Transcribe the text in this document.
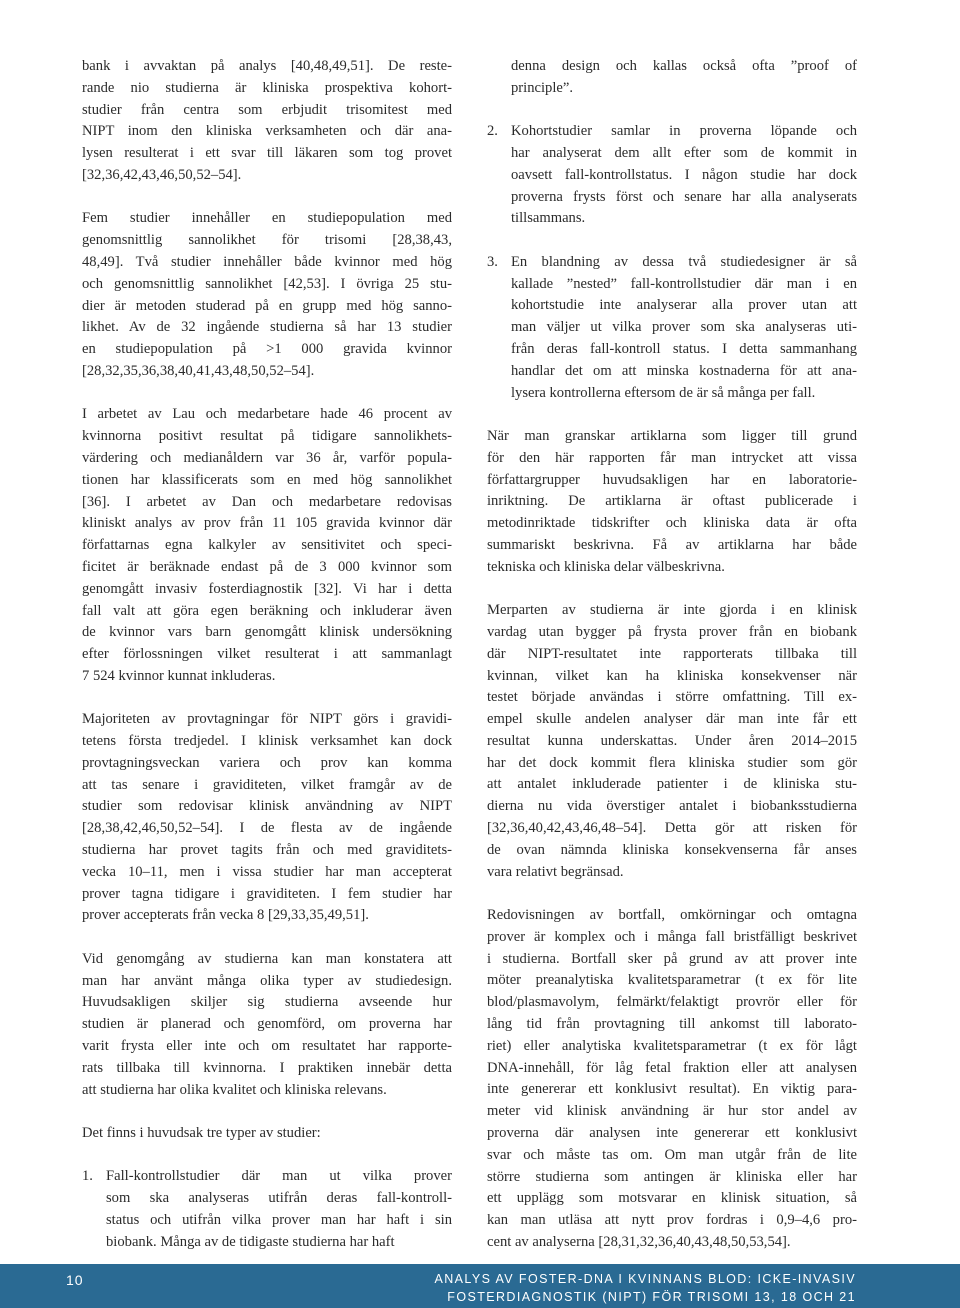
bank i avvaktan på analys [40,48,49,51]. De reste-
rande nio studierna är kliniska prospektiva kohort-
studier från centra som erbjudit trisomitest med
NIPT inom den kliniska verksamheten och där ana-
lysen resulterat i ett svar till läkaren som tog provet
[32,36,42,43,46,50,52–54].
Fem studier innehåller en studiepopulation med
genomsnittlig sannolikhet för trisomi [28,38,43,
48,49]. Två studier innehåller både kvinnor med hög
och genomsnittlig sannolikhet [42,53]. I övriga 25 stu-
dier är metoden studerad på en grupp med hög sanno-
likhet. Av de 32 ingående studierna så har 13 studier
en studiepopulation på >1 000 gravida kvinnor
[28,32,35,36,38,40,41,43,48,50,52–54].
I arbetet av Lau och medarbetare hade 46 procent av
kvinnorna positivt resultat på tidigare sannolikhets-
värdering och medianåldern var 36 år, varför popula-
tionen har klassificerats som en med hög sannolikhet
[36]. I arbetet av Dan och medarbetare redovisas
kliniskt analys av prov från 11 105 gravida kvinnor där
författarnas egna kalkyler av sensitivitet och speci-
ficitet är beräknade endast på de 3 000 kvinnor som
genomgått invasiv fosterdiagnostik [32]. Vi har i detta
fall valt att göra egen beräkning och inkluderar även
de kvinnor vars barn genomgått klinisk undersökning
efter förlossningen vilket resulterat i att sammanlagt
7 524 kvinnor kunnat inkluderas.
Majoriteten av provtagningar för NIPT görs i gravidi-
tetens första tredjedel. I klinisk verksamhet kan dock
provtagningsveckan variera och prov kan komma
att tas senare i graviditeten, vilket framgår av de
studier som redovisar klinisk användning av NIPT
[28,38,42,46,50,52–54]. I de flesta av de ingående
studierna har provet tagits från och med graviditets-
vecka 10–11, men i vissa studier har man accepterat
prover tagna tidigare i graviditeten. I fem studier har
prover accepterats från vecka 8 [29,33,35,49,51].
Vid genomgång av studierna kan man konstatera att
man har använt många olika typer av studiedesign.
Huvudsakligen skiljer sig studierna avseende hur
studien är planerad och genomförd, om proverna har
varit frysta eller inte och om resultatet har rapporte-
rats tillbaka till kvinnorna. I praktiken innebär detta
att studierna har olika kvalitet och kliniska relevans.
Det finns i huvudsak tre typer av studier:
1. Fall-kontrollstudier där man ut vilka prover
som ska analyseras utifrån deras fall-kontroll-
status och utifrån vilka prover man har haft i sin
biobank. Många av de tidigaste studierna har haft
denna design och kallas också ofta ”proof of
principle”.
2. Kohortstudier samlar in proverna löpande och
har analyserat dem allt efter som de kommit in
oavsett fall-kontrollstatus. I någon studie har dock
proverna frysts först och senare har alla analyserats
tillsammans.
3. En blandning av dessa två studiedesigner är så
kallade ”nested” fall-kontrollstudier där man i en
kohortstudie inte analyserar alla prover utan att
man väljer ut vilka prover som ska analyseras uti-
från deras fall-kontroll status. I detta sammanhang
handlar det om att minska kostnaderna för att ana-
lysera kontrollerna eftersom de är så många per fall.
När man granskar artiklarna som ligger till grund
för den här rapporten får man intrycket att vissa
författargrupper huvudsakligen har en laboratorie-
inriktning. De artiklarna är oftast publicerade i
metodinriktade tidskrifter och kliniska data är ofta
summariskt beskrivna. Få av artiklarna har både
tekniska och kliniska delar välbeskrivna.
Merparten av studierna är inte gjorda i en klinisk
vardag utan bygger på frysta prover från en biobank
där NIPT-resultatet inte rapporterats tillbaka till
kvinnan, vilket kan ha kliniska konsekvenser när
testet började användas i större omfattning. Till ex-
empel skulle andelen analyser där man inte får ett
resultat kunna underskattas. Under åren 2014–2015
har det dock kommit flera kliniska studier som gör
att antalet inkluderade patienter i de kliniska stu-
dierna nu vida överstiger antalet i biobanksstudierna
[32,36,40,42,43,46,48–54]. Detta gör att risken för
de ovan nämnda kliniska konsekvenserna får anses
vara relativt begränsad.
Redovisningen av bortfall, omkörningar och omtagna
prover är komplex och i många fall bristfälligt beskrivet
i studierna. Bortfall sker på grund av att prover inte
möter preanalytiska kvalitetsparametrar (t ex för lite
blod/plasmavolym, felmärkt/felaktigt provrör eller för
lång tid från provtagning till ankomst till laborato-
riet) eller analytiska kvalitetsparametrar (t ex för lågt
DNA-innehåll, för låg fetal fraktion eller att analysen
inte genererar ett konklusivt resultat). En viktig para-
meter vid klinisk användning är hur stor andel av
proverna där analysen inte genererar ett konklusivt
svar och måste tas om. Om man utgår från de lite
större studierna som antingen är kliniska eller har
ett upplägg som motsvarar en klinisk situation, så
kan man utläsa att nytt prov fordras i 0,9–4,6 pro-
cent av analyserna [28,31,32,36,40,43,48,50,53,54].
10	ANALYS AV FOSTER-DNA I KVINNANS BLOD: ICKE-INVASIV
FOSTERDIAGNOSTIK (NIPT) FÖR TRISOMI 13, 18 OCH 21
